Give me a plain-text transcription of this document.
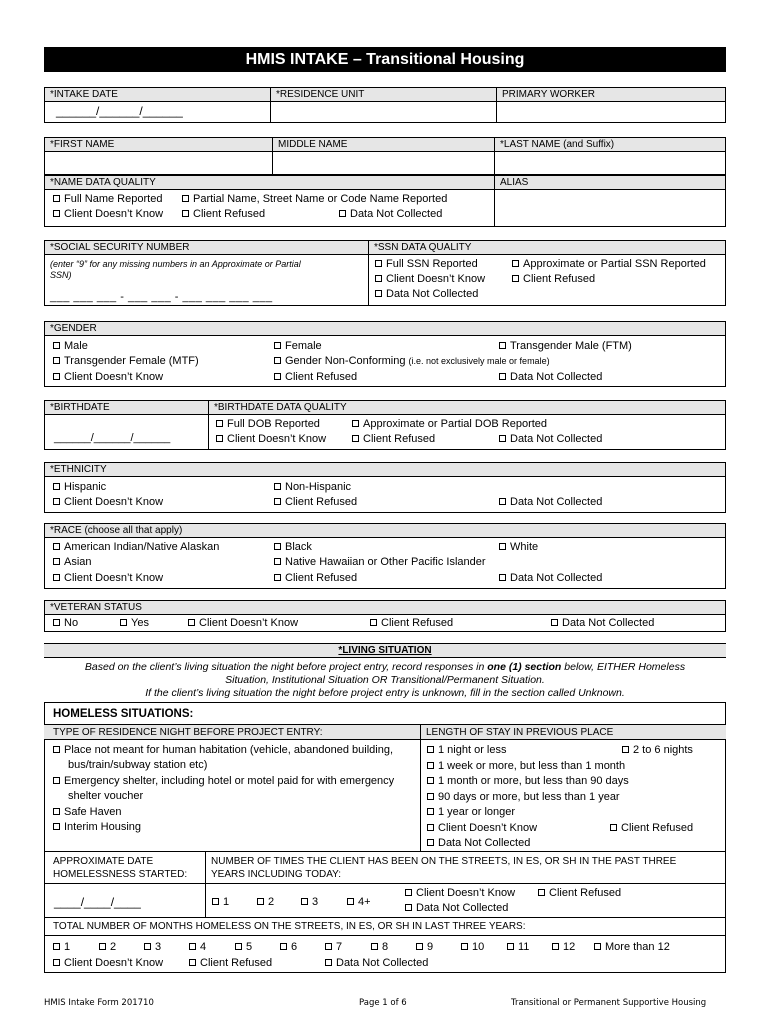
HMIS INTAKE – Transitional Housing
*INTAKE DATE	*RESIDENCE UNIT	PRIMARY WORKER
______/______/______
*FIRST NAME	MIDDLE NAME	*LAST NAME (and Suffix)
*NAME DATA QUALITY	ALIAS
Full Name Reported	Partial Name, Street Name or Code Name Reported
Client Doesn’t Know	Client Refused	Data Not Collected
*SOCIAL SECURITY NUMBER	*SSN DATA QUALITY
(enter “9” for any missing numbers in an Approximate or Partial
SSN)
___ ___ ___ - ___ ___ - ___ ___ ___ ___
Full SSN Reported	Approximate or Partial SSN Reported
Client Doesn’t Know	Client Refused
Data Not Collected
*GENDER
Male	Female	Transgender Male (FTM)
Transgender Female (MTF)	Gender Non-Conforming (i.e. not exclusively male or female)
Client Doesn’t Know	Client Refused	Data Not Collected
*BIRTHDATE	*BIRTHDATE DATA QUALITY
______/______/______
Full DOB Reported	Approximate or Partial DOB Reported
Client Doesn’t Know	Client Refused	Data Not Collected
*ETHNICITY
Hispanic	Non-Hispanic
Client Doesn’t Know	Client Refused	Data Not Collected
*RACE (choose all that apply)
American Indian/Native Alaskan	Black	White
Asian	Native Hawaiian or Other Pacific Islander
Client Doesn’t Know	Client Refused	Data Not Collected
*VETERAN STATUS
No	Yes	Client Doesn’t Know	Client Refused	Data Not Collected
*LIVING SITUATION
Based on the client’s living situation the night before project entry, record responses in one (1) section below, EITHER Homeless
Situation, Institutional Situation OR Transitional/Permanent Situation.
If the client’s living situation the night before project entry is unknown, fill in the section called Unknown.
HOMELESS SITUATIONS:
TYPE OF RESIDENCE NIGHT BEFORE PROJECT ENTRY:	LENGTH OF STAY IN PREVIOUS PLACE
Place not meant for human habitation (vehicle, abandoned building,
bus/train/subway station etc)
Emergency shelter, including hotel or motel paid for with emergency
shelter voucher
Safe Haven
Interim Housing
1 night or less	2 to 6 nights
1 week or more, but less than 1 month
1 month or more, but less than 90 days
90 days or more, but less than 1 year
1 year or longer
Client Doesn’t Know	Client Refused
Data Not Collected
APPROXIMATE DATE
HOMELESSNESS STARTED:
NUMBER OF TIMES THE CLIENT HAS BEEN ON THE STREETS, IN ES, OR SH IN THE PAST THREE
YEARS INCLUDING TODAY:
____/____/____	1	2	3	4+
Client Doesn’t Know	Client Refused
Data Not Collected
TOTAL NUMBER OF MONTHS HOMELESS ON THE STREETS, IN ES, OR SH IN LAST THREE YEARS:
1	2	3	4	5	6	7	8	9	10	11	12	More than 12
Client Doesn’t Know	Client Refused	Data Not Collected
HMIS Intake Form 201710	Page 1 of 6	Transitional or Permanent Supportive Housing
